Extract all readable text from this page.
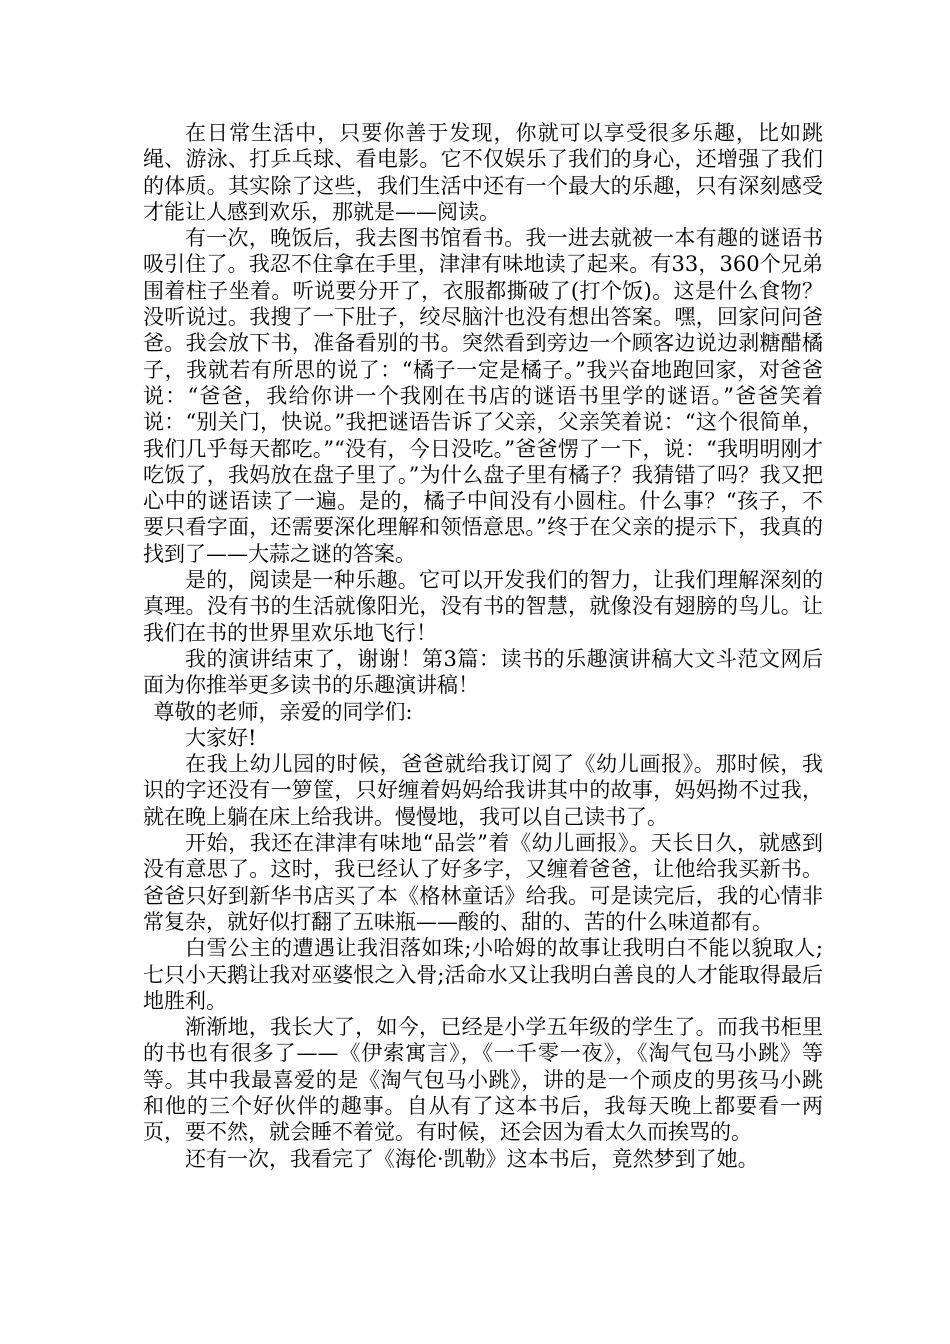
在日常生活中，只要你善于发现，你就可以享受很多乐趣，比如跳绳、游泳、打乒乓球、看电影。它不仅娱乐了我们的身心，还增强了我们的体质。其实除了这些，我们生活中还有一个最大的乐趣，只有深刻感受才能让人感到欢乐，那就是——阅读。

有一次，晚饭后，我去图书馆看书。我一进去就被一本有趣的谜语书吸引住了。我忍不住拿在手里，津津有味地读了起来。有33，360个兄弟围着柱子坐着。听说要分开了，衣服都撕破了(打个饭)。这是什么食物？没听说过。我搜了一下肚子，绞尽脑汁也没有想出答案。嘿，回家问问爸爸。我会放下书，准备看别的书。突然看到旁边一个顾客边说边剥糖醋橘子，我就若有所思的说了：“橘子一定是橘子。”我兴奋地跑回家，对爸爸说：“爸爸，我给你讲一个我刚在书店的谜语书里学的谜语。”爸爸笑着说：“别关门，快说。”我把谜语告诉了父亲，父亲笑着说：“这个很简单，我们几乎每天都吃。”“没有，今日没吃。”爸爸愣了一下，说：“我明明刚才吃饭了，我妈放在盘子里了。”为什么盘子里有橘子？我猜错了吗？我又把心中的谜语读了一遍。是的，橘子中间没有小圆柱。什么事？“孩子，不要只看字面，还需要深化理解和领悟意思。”终于在父亲的提示下，我真的找到了——大蒜之谜的答案。

是的，阅读是一种乐趣。它可以开发我们的智力，让我们理解深刻的真理。没有书的生活就像阳光，没有书的智慧，就像没有翅膀的鸟儿。让我们在书的世界里欢乐地飞行！

我的演讲结束了，谢谢！第3篇：读书的乐趣演讲稿大文斗范文网后面为你推举更多读书的乐趣演讲稿！

尊敬的老师，亲爱的同学们:

大家好!

在我上幼儿园的时候，爸爸就给我订阅了《幼儿画报》。那时候，我识的字还没有一箩筐，只好缠着妈妈给我讲其中的故事，妈妈拗不过我，就在晚上躺在床上给我讲。慢慢地，我可以自己读书了。

开始，我还在津津有味地“品尝”着《幼儿画报》。天长日久，就感到没有意思了。这时，我已经认了好多字，又缠着爸爸，让他给我买新书。爸爸只好到新华书店买了本《格林童话》给我。可是读完后，我的心情非常复杂，就好似打翻了五味瓶——酸的、甜的、苦的什么味道都有。

白雪公主的遭遇让我泪落如珠;小哈姆的故事让我明白不能以貌取人;七只小天鹅让我对巫婆恨之入骨;活命水又让我明白善良的人才能取得最后地胜利。

渐渐地，我长大了，如今，已经是小学五年级的学生了。而我书柜里的书也有很多了——《伊索寓言》，《一千零一夜》，《淘气包马小跳》等等。其中我最喜爱的是《淘气包马小跳》，讲的是一个顽皮的男孩马小跳和他的三个好伙伴的趣事。自从有了这本书后，我每天晚上都要看一两页，要不然，就会睡不着觉。有时候，还会因为看太久而挨骂的。

还有一次，我看完了《海伦·凯勒》这本书后，竟然梦到了她。
